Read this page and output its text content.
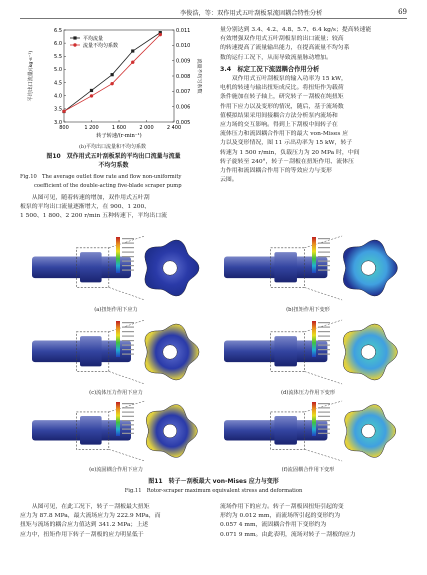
李俊浩，等：双作用式五叶刮板泵流固耦合特性分析	69
3.0
3.5
4.0
4.5
5.0
5.5
6.0
6.5
0.005
0.006
0.007
0.008
0.009
0.010
0.011
800	1 200	1 600	2 000	2 400
转子转速/(r·min⁻¹)
平均出口流量/(kg·s⁻¹)	流量不均匀系数
平均流量
流量不均匀系数
(b)平均出口流量和不均匀系数
图10　双作用式五叶刮板泵的平均出口流量与流量
不均匀系数
Fig.10　The average outlet flow rate and flow non-uniformity
coefficient of the double-acting five-blade scraper pump
　　从图可见，随着转速的增加，双作用式五叶刮
板泵的平均出口流量逐渐增大，在 900、1 200、
1 500、1 800、2 200 r/min 五种转速下，平均出口流
量分别达到 3.4、4.2、4.8、5.7、6.4 kg/s；提高转速能
有效增强双作用式五叶刮板泵的出口流量；较高
的转速提高了流量输出能力，在提高流量不均匀系
数的运行工况下，从而导致流量脉动增加。
3.4　标定工况下流固耦合作用分析
　　双作用式五叶刮板泵的输入功率为 15 kW，
电机的转速与输出扭矩成反比。将扭矩作为载荷
条件施加在转子轴上，研究转子－刮板在纯扭矩
作用下应力以及变形的情况，随后，基于流场数
值模拟结果采用间接耦合方法分析泵内流场和
应力场的交互影响。得到上下刮板中间转子在
流体压力和流固耦合作用下的最大 von-Mises 应
力以及变形情况，图 11 示出功率为 15 kW，转子
转速为 1 500 r/min，负载压力为 20 MPa 时，中间
转子旋转至 240°，转子－刮板在扭矩作用、流体压
力作用和流固耦合作用下的等效应力与变形
云图。
(a)扭矩作用下应力	(b)扭矩作用下变形
(c)流体压力作用下应力	(d)流体压力作用下变形
(e)流固耦合作用下应力	(f)流固耦合作用下变形
图11　转子－刮板最大 von-Mises 应力与变形
Fig.11　Rotor-scraper maximum equivalent stress and deformation
　　从图可见，在此工况下，转子－刮板最大扭矩
应力为 87.8 MPa，最大流场应力为 222.9 MPa，而
扭矩与流场的耦合应力值达到 341.2 MPa；上述
应力中，扭矩作用下转子－刮板的应力明显低于
流场作用下的应力。转子－刮板因扭矩引起的变
形约为 0.012 mm，而流场所引起的变形约为
0.057 4 mm，流固耦合作用下变形约为
0.071 9 mm。由此表明，流场对转子－刮板的应力
